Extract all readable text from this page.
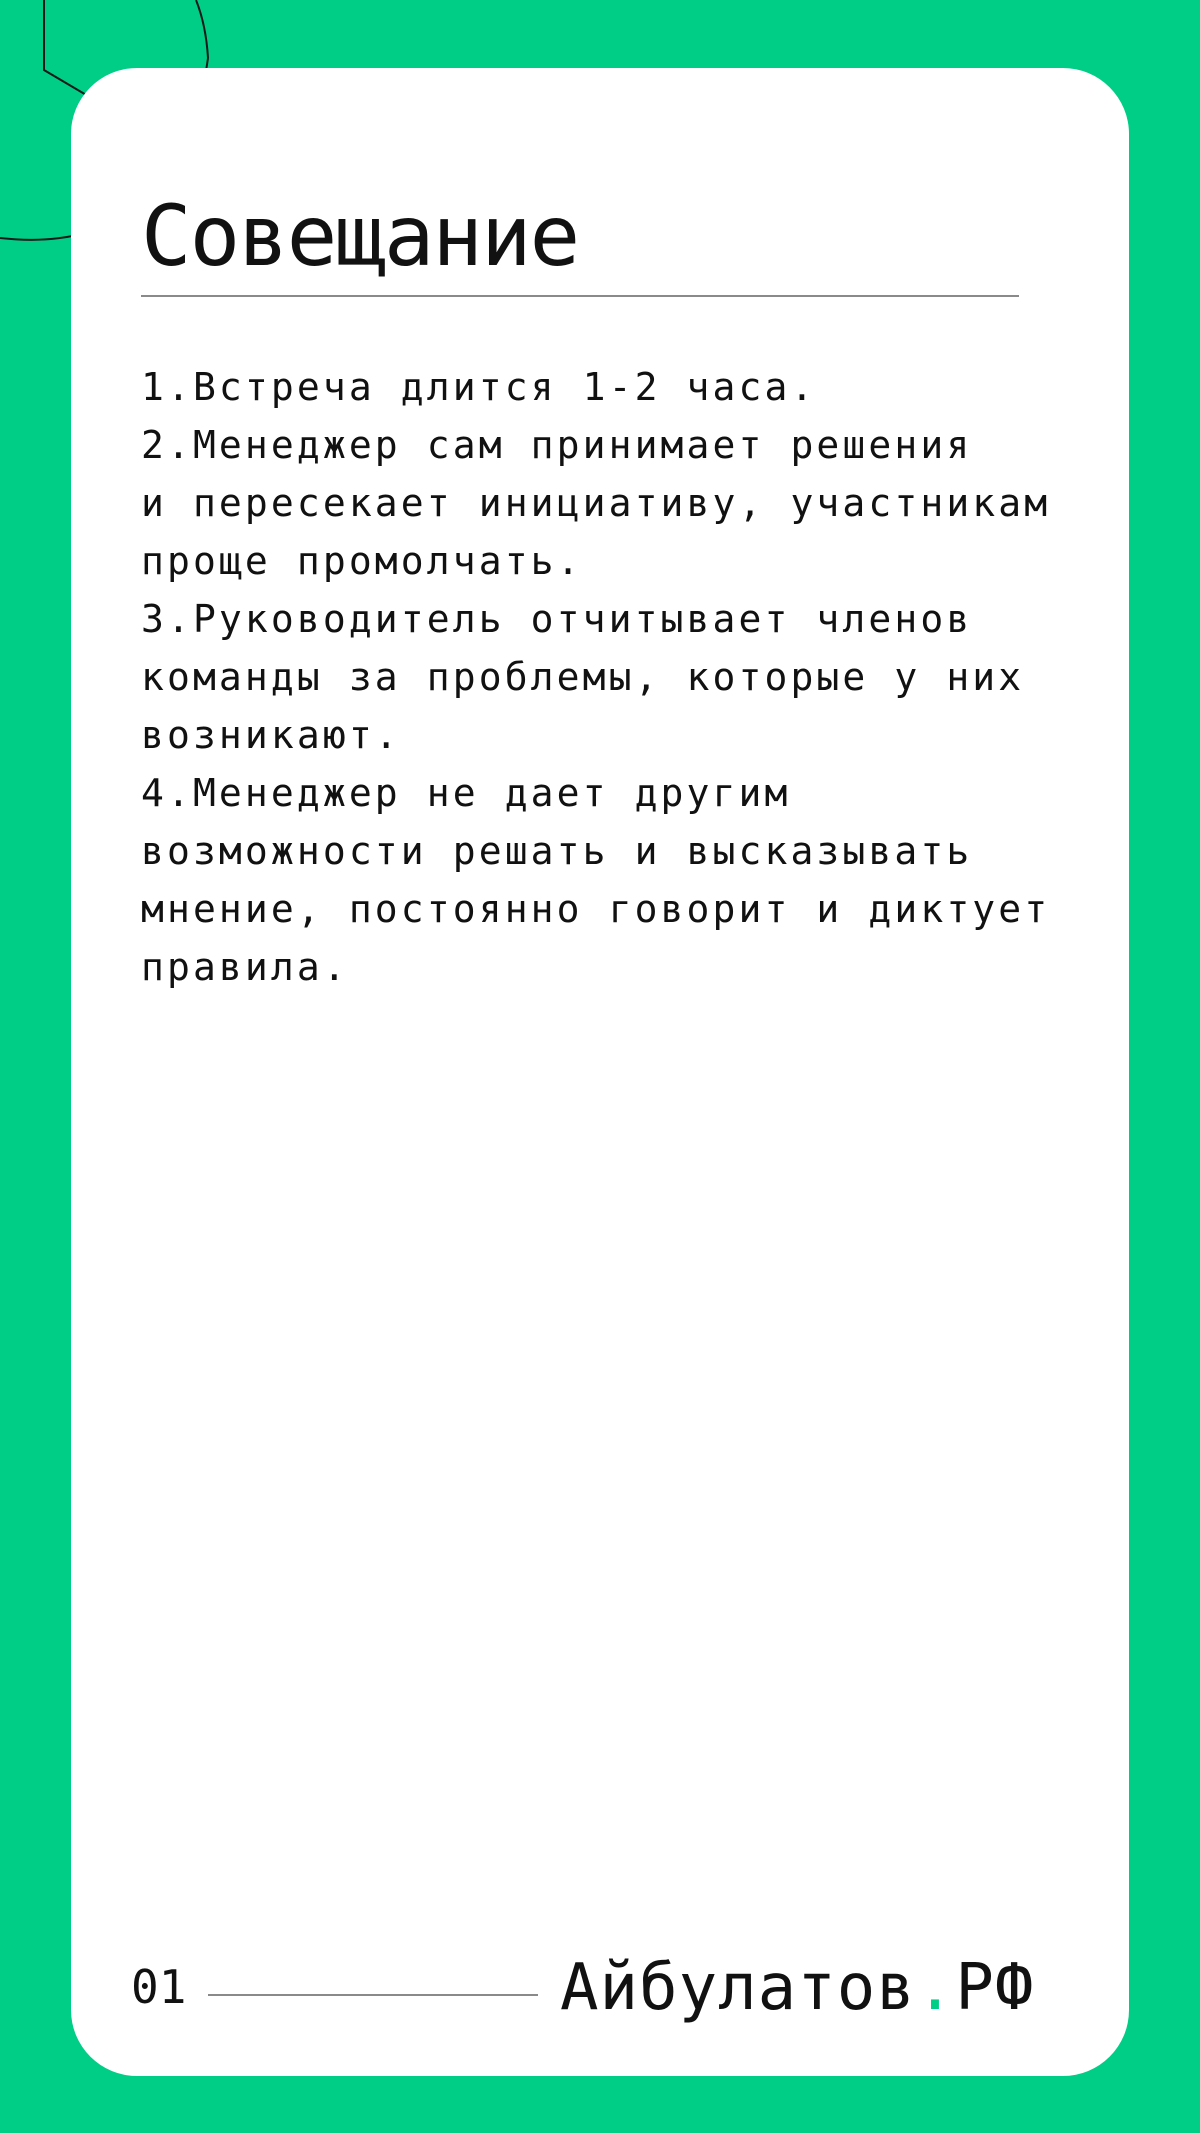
Совещание
1.Встреча длится 1-2 часа.
2.Менеджер сам принимает решения
и пересекает инициативу, участникам
проще промолчать.
3.Руководитель отчитывает членов
команды за проблемы, которые у них
возникают.
4.Менеджер не дает другим
возможности решать и высказывать
мнение, постоянно говорит и диктует
правила.
01	Айбулатов.РФ
